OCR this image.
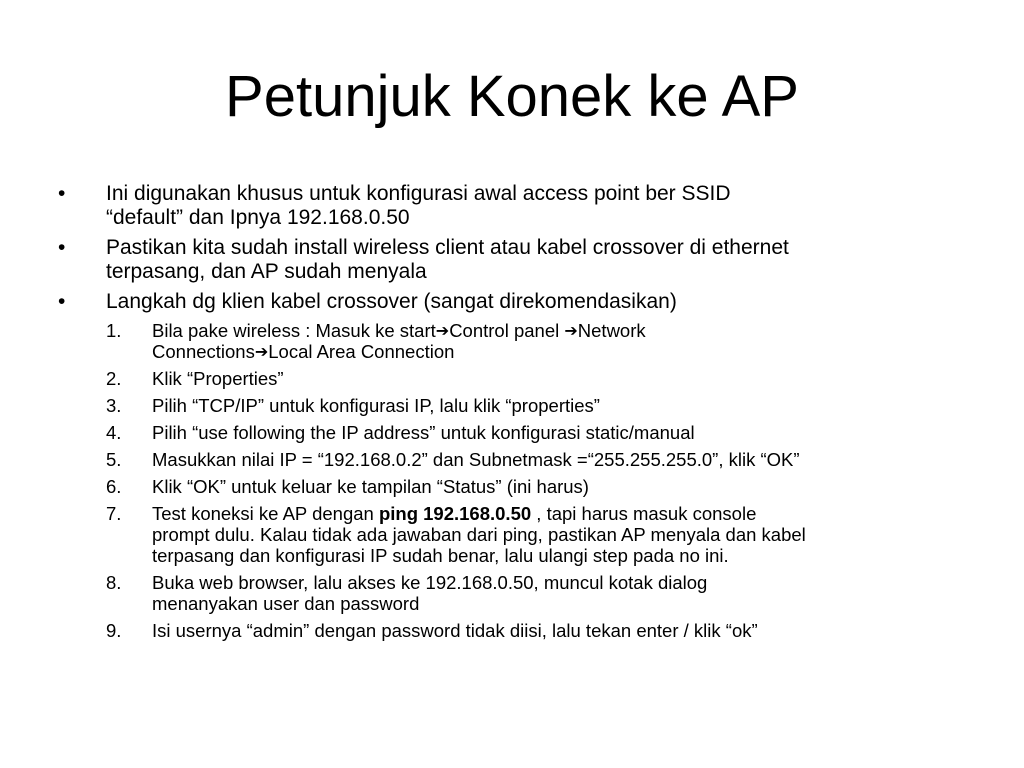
Petunjuk Konek ke AP
• Ini digunakan khusus untuk konfigurasi awal access point ber SSID
“default” dan Ipnya 192.168.0.50
• Pastikan kita sudah install wireless client atau kabel crossover di ethernet
terpasang, dan AP sudah menyala
• Langkah dg klien kabel crossover (sangat direkomendasikan)
1. Bila pake wireless : Masuk ke start➔Control panel ➔Network
Connections➔Local Area Connection
2. Klik “Properties”
3. Pilih “TCP/IP” untuk konfigurasi IP, lalu klik “properties”
4. Pilih “use following the IP address” untuk konfigurasi static/manual
5. Masukkan nilai IP = “192.168.0.2” dan Subnetmask =“255.255.255.0”, klik “OK”
6. Klik “OK” untuk keluar ke tampilan “Status” (ini harus)
7. Test koneksi ke AP dengan ping 192.168.0.50 , tapi harus masuk console
prompt dulu. Kalau tidak ada jawaban dari ping, pastikan AP menyala dan kabel
terpasang dan konfigurasi IP sudah benar, lalu ulangi step pada no ini.
8. Buka web browser, lalu akses ke 192.168.0.50, muncul kotak dialog
menanyakan user dan password
9. Isi usernya “admin” dengan password tidak diisi, lalu tekan enter / klik “ok”
